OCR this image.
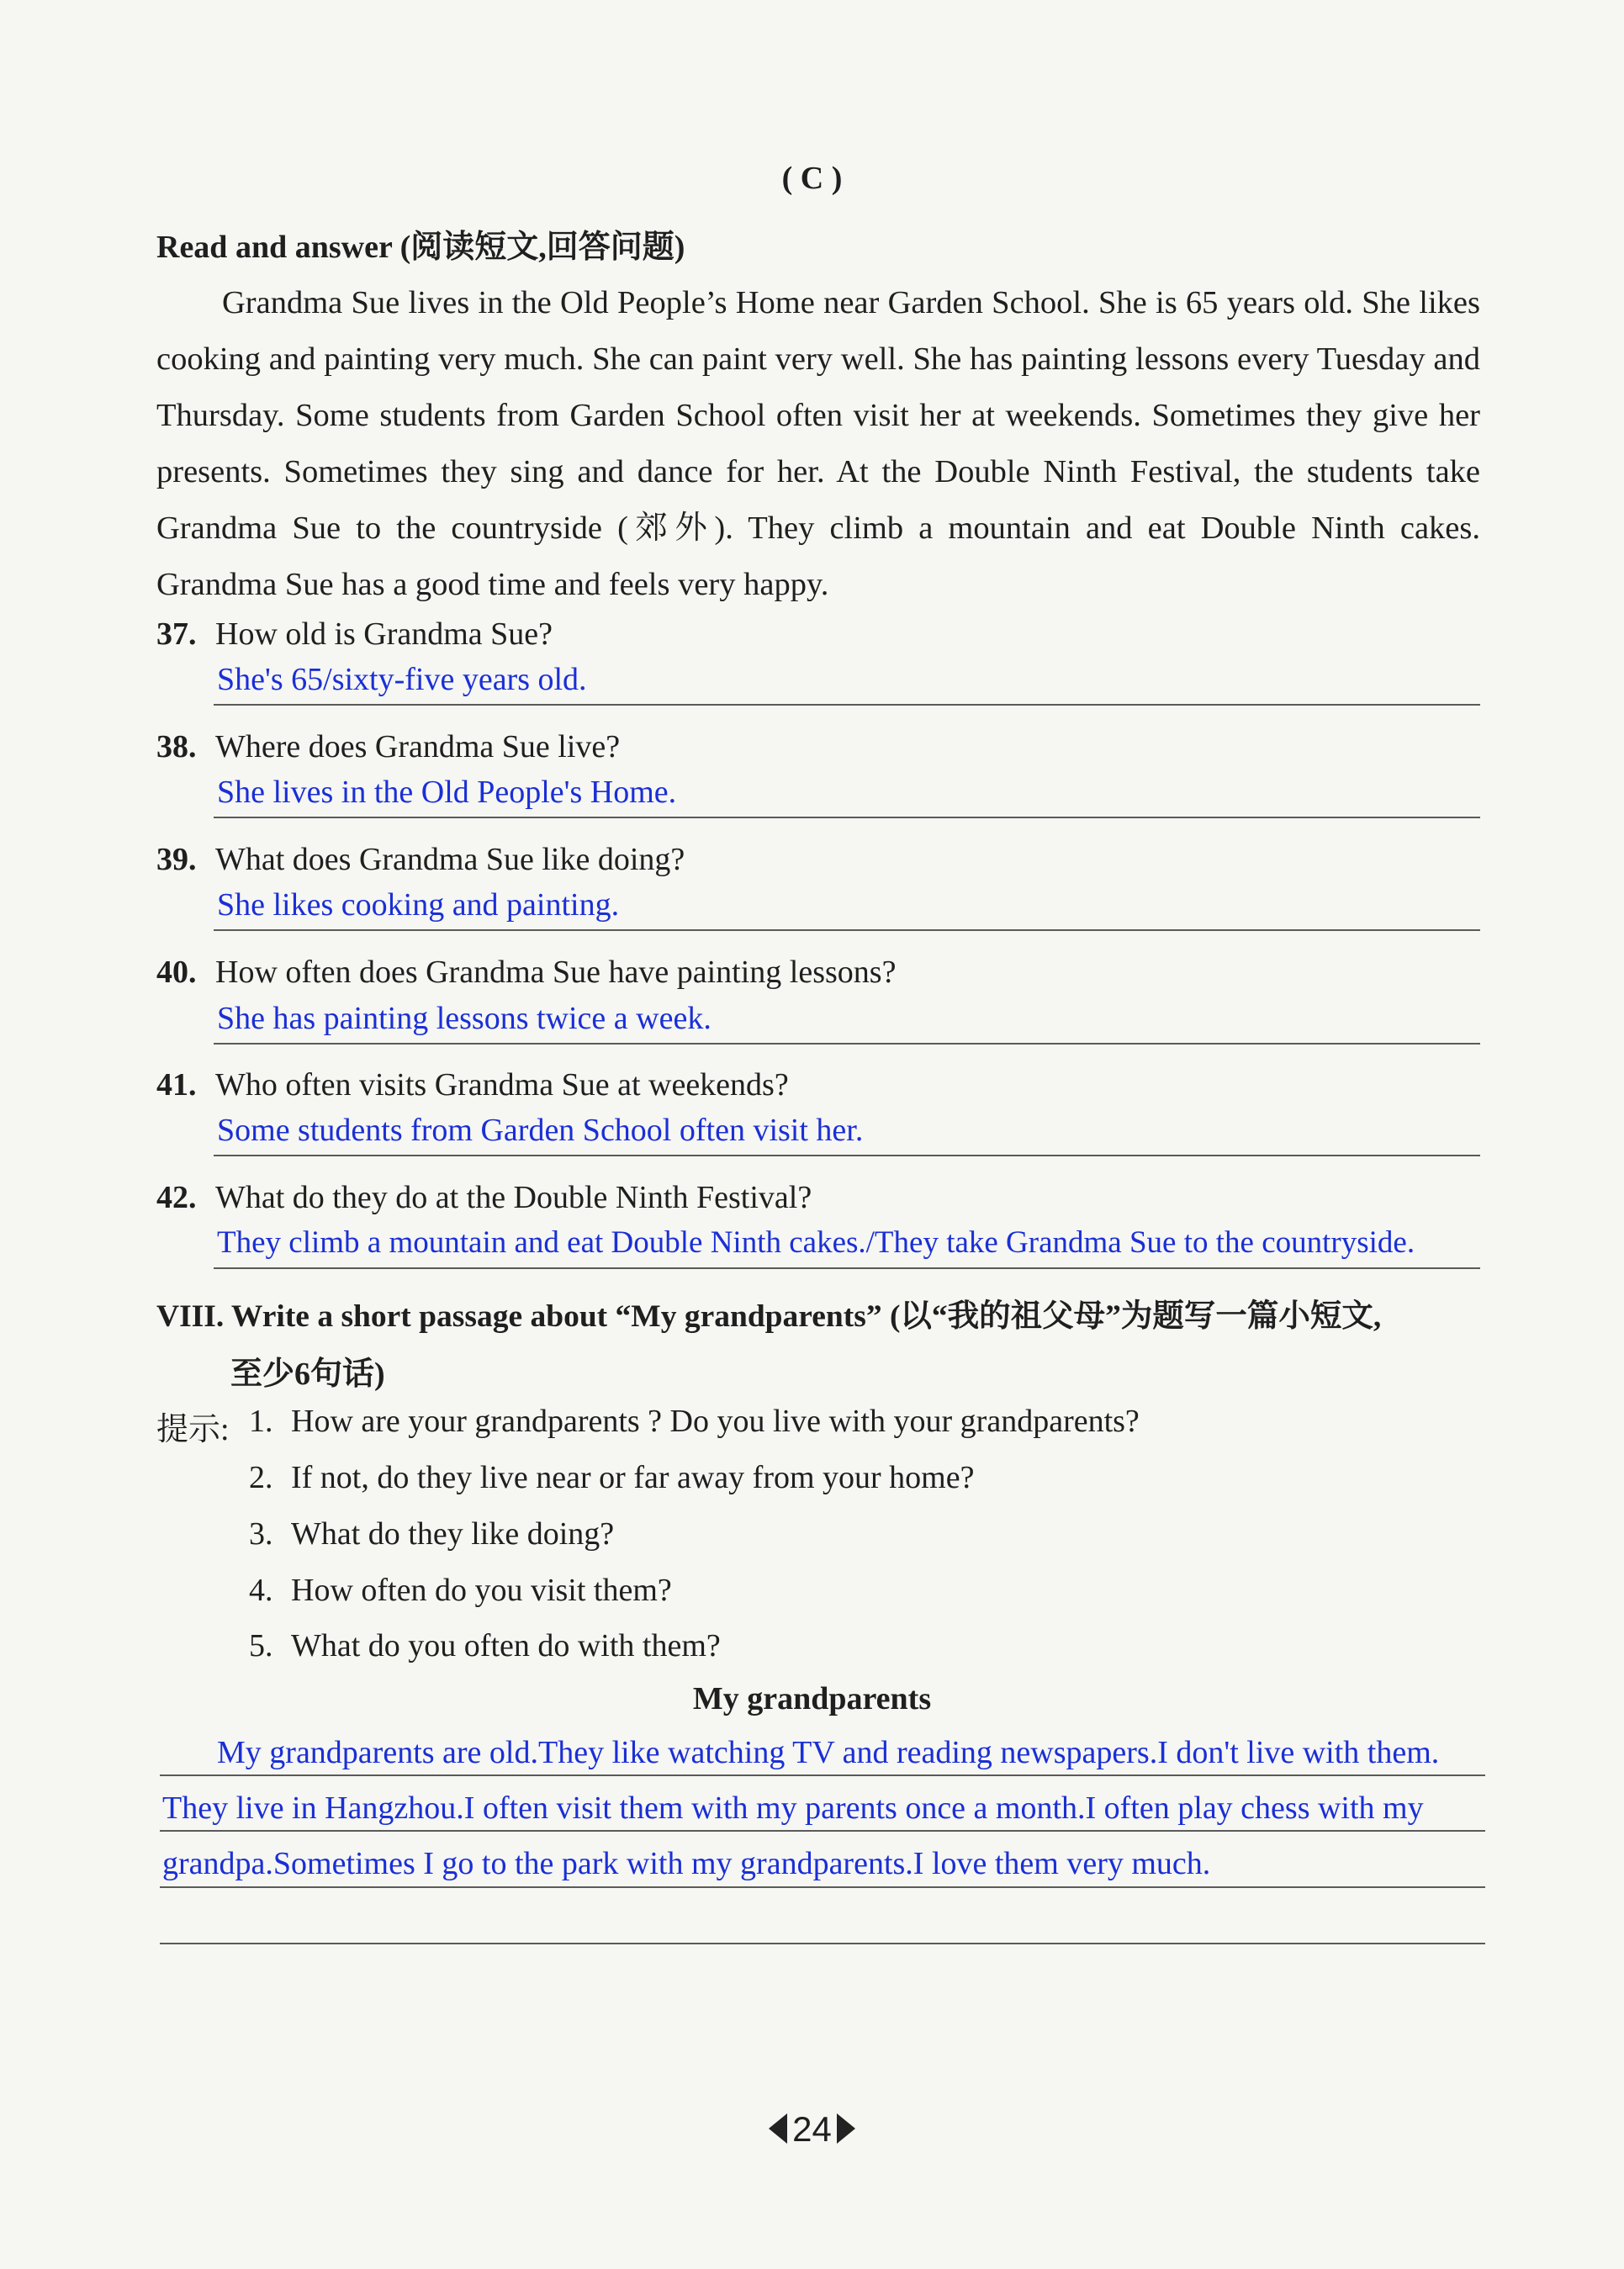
( C )
Read and answer (阅读短文,回答问题)

Grandma Sue lives in the Old People’s Home near Garden School. She is 65 years old. She likes cooking and painting very much. She can paint very well. She has painting lessons every Tuesday and Thursday. Some students from Garden School often visit her at weekends. Sometimes they give her presents. Sometimes they sing and dance for her. At the Double Ninth Festival, the students take Grandma Sue to the countryside (郊外). They climb a mountain and eat Double Ninth cakes. Grandma Sue has a good time and feels very happy.

37. How old is Grandma Sue?
She's 65/sixty-five years old.
38. Where does Grandma Sue live?
She lives in the Old People's Home.
39. What does Grandma Sue like doing?
She likes cooking and painting.
40. How often does Grandma Sue have painting lessons?
She has painting lessons twice a week.
41. Who often visits Grandma Sue at weekends?
Some students from Garden School often visit her.
42. What do they do at the Double Ninth Festival?
They climb a mountain and eat Double Ninth cakes./They take Grandma Sue to the countryside.
VIII. Write a short passage about “My grandparents” (以“我的祖父母”为题写一篇小短文,
至少6句话)
提示: 1. How are your grandparents ? Do you live with your grandparents?
2. If not, do they live near or far away from your home?
3. What do they like doing?
4. How often do you visit them?
5. What do you often do with them?
My grandparents
My grandparents are old.They like watching TV and reading newspapers.I don't live with them.
They live in Hangzhou.I often visit them with my parents once a month.I often play chess with my
grandpa.Sometimes I go to the park with my grandparents.I love them very much.
24
